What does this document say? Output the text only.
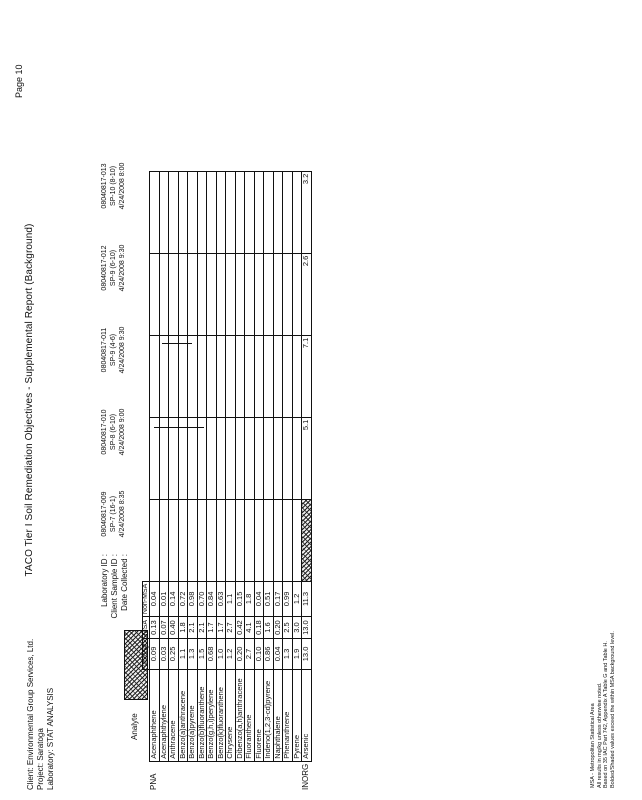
TACO Tier I Soil Remediation Objectives - Supplemental Report (Background)
Page 10
Client: Environmental Group Services, Ltd. Project: Saratoga Laboratory: STAT ANALYSIS
Laboratory ID : Client Sample ID : Date Collected :
08040817-009 SP-7 (16-1) 4/24/2008 8:35
08040817-010 SP-8 (6-10) 4/24/2008 9:00
08040817-011 SP-9 (4-6) 4/24/2008 9:30
08040817-012 SP-9 (6-10) 4/24/2008 9:30
08040817-013 SP-10 (8-10) 4/24/2008 8:00
Analyte
		Chicago	MSA	Non-MSA					
PNA	Acenaphthene	0.09	0.13	0.04					
	Acenaphthylene	0.03	0.07	0.01					
	Anthracene	0.25	0.40	0.14					
	Benzo(a)anthracene	1.1	1.8	0.72					
	Benzo(a)pyrene	1.3	2.1	0.98					
	Benzo(b)fluoranthene	1.5	2.1	0.70					
	Benzo(g,h,i)perylene	0.68	1.7	0.84					
	Benzo(k)fluoranthene	1.0	1.7	0.63					
	Chrysene	1.2	2.7	1.1					
	Dibenzo(a,h)anthracene	0.20	0.42	0.15					
	Fluoranthene	2.7	4.1	1.8					
	Fluorene	0.10	0.18	0.04					
	Indeno(1,2,3-cd)pyrene	0.86	1.6	0.51					
	Naphthalene	0.04	0.20	0.17					
	Phenanthrene	1.3	2.5	0.99					
	Pyrene	1.9	3.0	1.2					
INORG	Arsenic	13.0	13.0	11.3		5.1	7.1	2.6	3.2
MSA - Metropolitan Statistical Area All results in mg/kg unless otherwise noted. Based on 35 IAC Part 742, Appendix A Table G and Table H. Bolded/Shaded values exceed the within MSA background level.
